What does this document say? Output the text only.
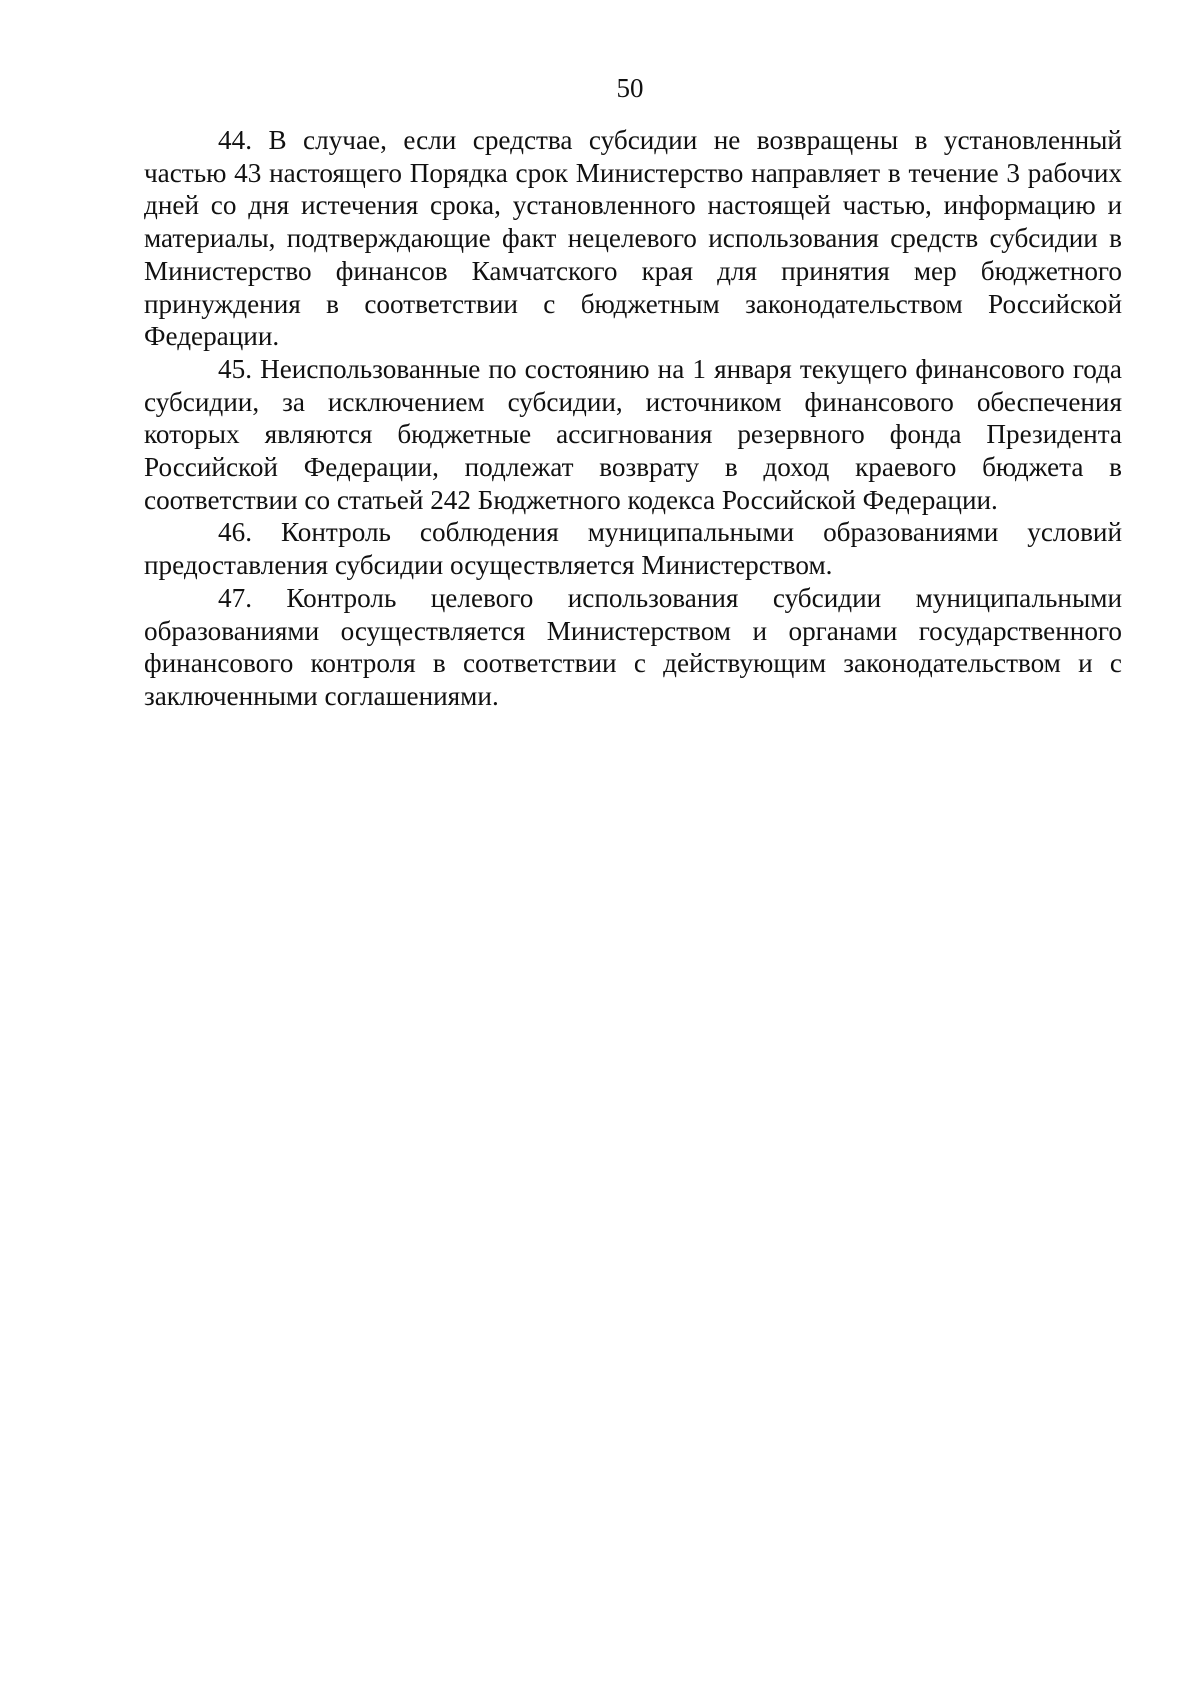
50

44. В случае, если средства субсидии не возвращены в установленный частью 43 настоящего Порядка срок Министерство направляет в течение 3 рабочих дней со дня истечения срока, установленного настоящей частью, информацию и материалы, подтверждающие факт нецелевого использования средств субсидии в Министерство финансов Камчатского края для принятия мер бюджетного принуждения в соответствии с бюджетным законодательством Российской Федерации.

45. Неиспользованные по состоянию на 1 января текущего финансового года субсидии, за исключением субсидии, источником финансового обеспечения которых являются бюджетные ассигнования резервного фонда Президента Российской Федерации, подлежат возврату в доход краевого бюджета в соответствии со статьей 242 Бюджетного кодекса Российской Федерации.

46. Контроль соблюдения муниципальными образованиями условий предоставления субсидии осуществляется Министерством.

47. Контроль целевого использования субсидии муниципальными образованиями осуществляется Министерством и органами государственного финансового контроля в соответствии с действующим законодательством и с заключенными соглашениями.
